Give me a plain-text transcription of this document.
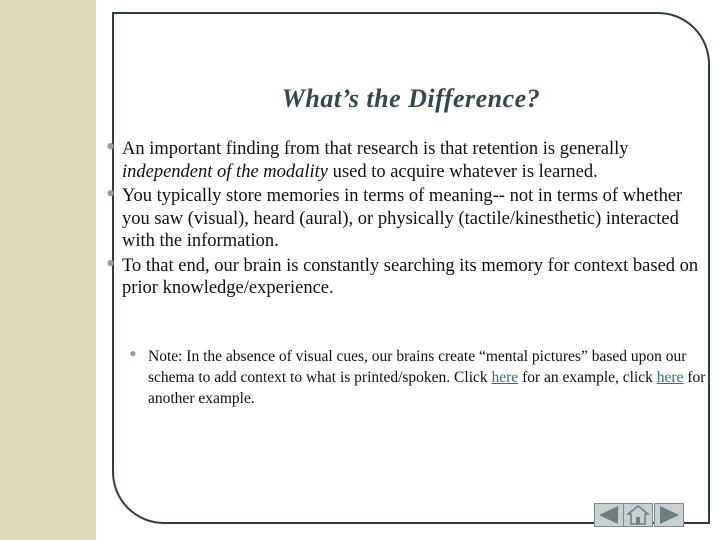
What’s the Difference?
• An important finding from that research is that retention is generally independent of the modality used to acquire whatever is learned.
• You typically store memories in terms of meaning-- not in terms of whether you saw (visual), heard (aural), or physically (tactile/kinesthetic) interacted with the information.
• To that end, our brain is constantly searching its memory for context based on prior knowledge/experience.
• Note: In the absence of visual cues, our brains create “mental pictures” based upon our schema to add context to what is printed/spoken. Click here for an example, click here for another example.
